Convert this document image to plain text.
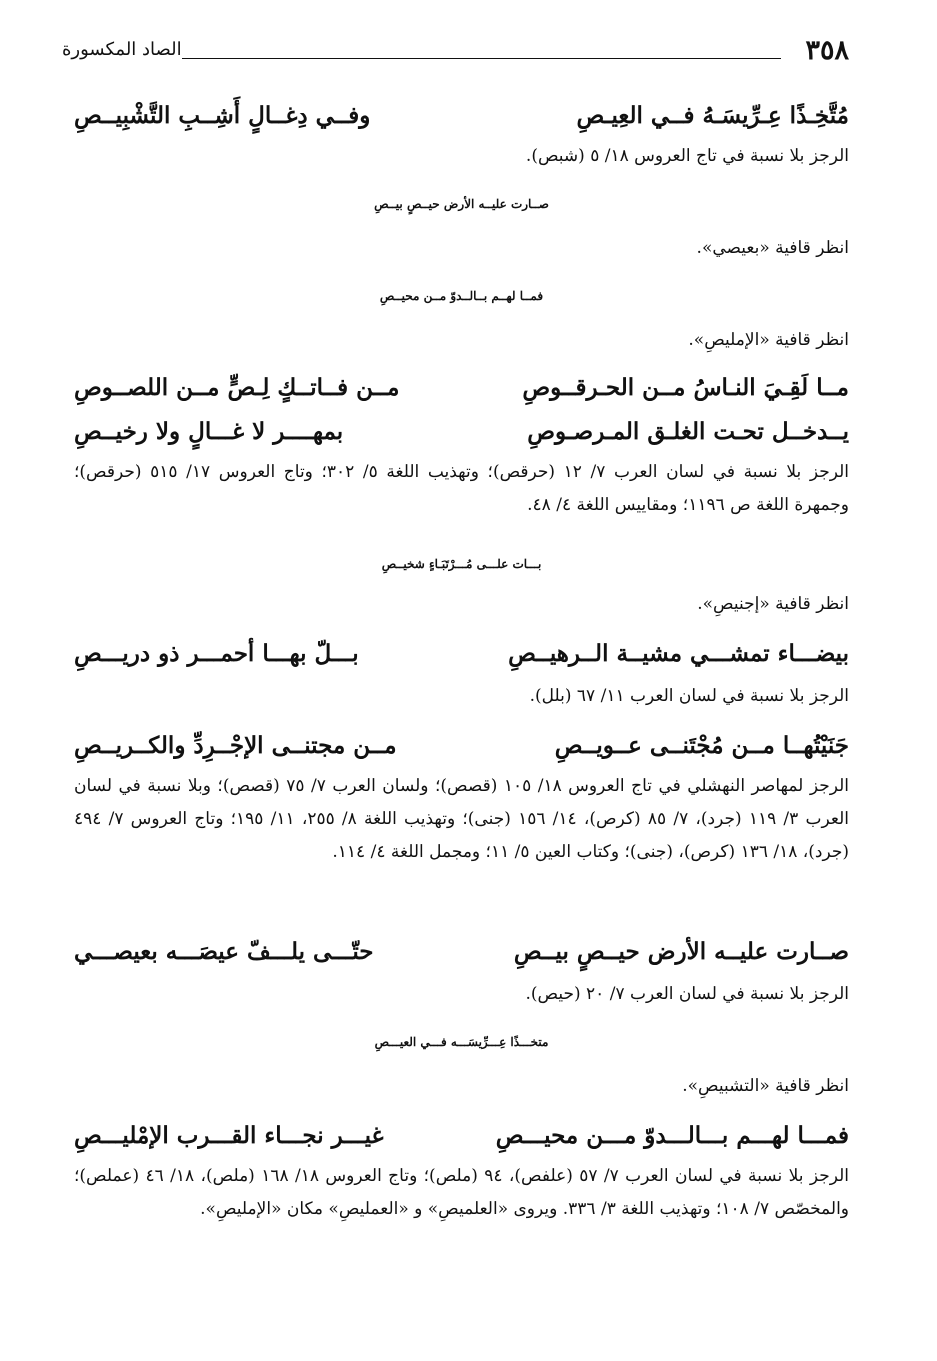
٣٥٨
الصاد المكسورة
مُتَّخِـذًا عِـرِّيسَـهُ فــي العِيـصِ
وفــي دِغــالٍ أَشِــبِ التَّشْبِيــصِ
الرجز بلا نسبة في تاج العروس ١٨/ ٥ (شبص).
صــارت عليــه الأرض حيــصٍ بيــصِ
انظر قافية «بعيصي».
فمــا لهــم بــالــدوّ مــن محيــصِ
انظر قافية «الإمليصِ».
مــا لَقِـيَ النـاسُ مــن الحـرقــوصِ
مــن فــاتــكٍ لِـصٍّ مــن اللصــوصِ
يــدخــل تحـت الغلـق المـرصـوصِ
بمهــــر لا غـــالٍ ولا رخيــصِ
الرجز بلا نسبة في لسان العرب ٧/ ١٢ (حرقص)؛ وتهذيب اللغة ٥/ ٣٠٢؛ وتاج العروس ١٧/ ٥١٥ (حرقص)؛ وجمهرة اللغة ص ١١٩٦؛ ومقاييس اللغة ٤/ ٤٨.
بـــات علـــى مُـــرْتَبَـاءٍ شخيــصِ
انظر قافية «إجنيصِ».
بيضـــاء تمشـــي مشيــة الــرهيــصِ
بـــلّ بهـــا أحمـــر ذو دريـــصِ
الرجز بلا نسبة في لسان العرب ١١/ ٦٧ (بلل).
جَنَيْتُهــا مــن مُجْتَنــى عــويــصِ
مــن مجتنــى الإجْــرِدِّ والكــريــصِ
الرجز لمهاصر النهشلي في تاج العروس ١٨/ ١٠٥ (قصص)؛ ولسان العرب ٧/ ٧٥ (قصص)؛ وبلا نسبة في لسان العرب ٣/ ١١٩ (جرد)، ٧/ ٨٥ (كرص)، ١٤/ ١٥٦ (جنى)؛ وتهذيب اللغة ٨/ ٢٥٥، ١١/ ١٩٥؛ وتاج العروس ٧/ ٤٩٤ (جرد)، ١٨/ ١٣٦ (كرص)، (جنى)؛ وكتاب العين ٥/ ١١؛ ومجمل اللغة ٤/ ١١٤.
صــارت عليــه الأرض حيــصٍ بيــصِ
حتّـــى يلـــفّ عيصَـــه بعيصـــي
الرجز بلا نسبة في لسان العرب ٧/ ٢٠ (حيص).
متخـــذًا عِـــرِّيسَـــه فـــي العيـــصِ
انظر قافية «التشبيصِ».
فمـــا لهـــم بـــالـــدوّ مـــن محيـــصِ
غيـــر نجـــاء القـــرب الإمْليـــصِ
الرجز بلا نسبة في لسان العرب ٧/ ٥٧ (علفص)، ٩٤ (ملص)؛ وتاج العروس ١٨/ ١٦٨ (ملص)، ١٨/ ٤٦ (عملص)؛ والمخصّص ٧/ ١٠٨؛ وتهذيب اللغة ٣/ ٣٣٦. ويروى «العلميصِ» و «العمليصِ» مكان «الإمليصِ».
